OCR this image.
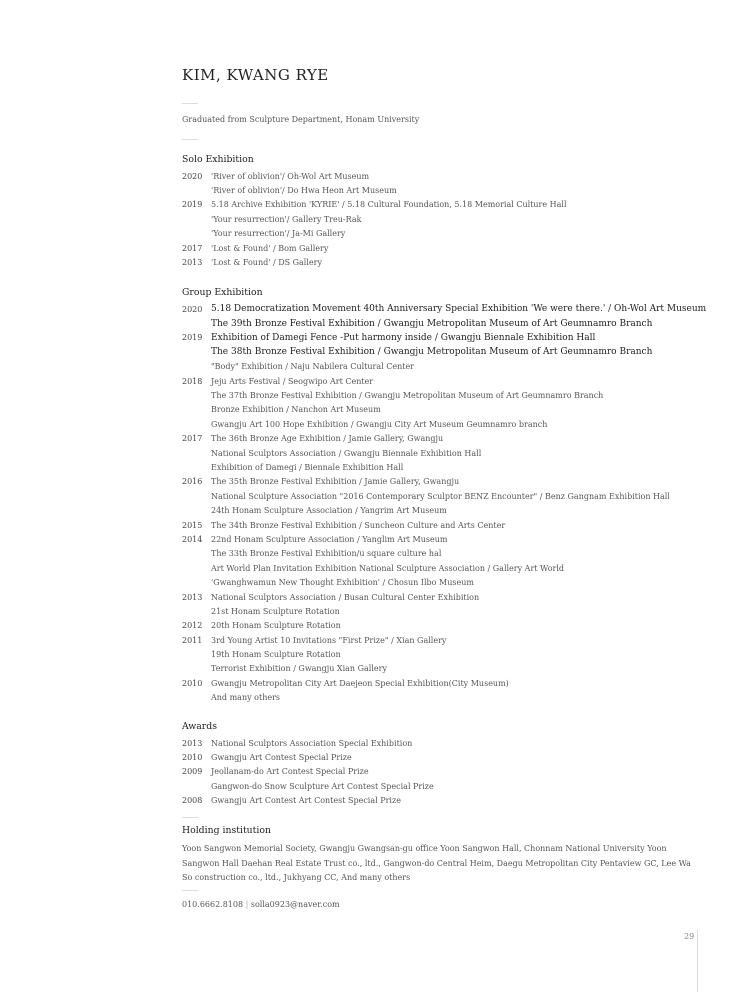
KIM, KWANG RYE
Graduated from Sculpture Department, Honam University
Solo Exhibition
2020	'River of oblivion'/ Oh-Wol Art Museum
'River of oblivion'/ Do Hwa Heon Art Museum
2019	5.18 Archive Exhibition 'KYRIE' / 5.18 Cultural Foundation, 5.18 Memorial Culture Hall
'Your resurrection'/ Gallery Treu-Rak
'Your resurrection'/ Ja-Mi Gallery
2017	'Lost & Found' / Bom Gallery
2013	'Lost & Found' / DS Gallery
Group Exhibition
2020 5.18 Democratization Movement 40th Anniversary Special Exhibition 'We were there.' / Oh-Wol Art Museum
The 39th Bronze Festival Exhibition / Gwangju Metropolitan Museum of Art Geumnamro Branch
2019 Exhibition of Damegi Fence -Put harmony inside / Gwangju Biennale Exhibition Hall
The 38th Bronze Festival Exhibition / Gwangju Metropolitan Museum of Art Geumnamro Branch
"Body" Exhibition / Naju Nabilera Cultural Center
2018	Jeju Arts Festival / Seogwipo Art Center
The 37th Bronze Festival Exhibition / Gwangju Metropolitan Museum of Art Geumnamro Branch
Bronze Exhibition / Nanchon Art Museum
Gwangju Art 100 Hope Exhibition / Gwangju City Art Museum Geumnamro branch
2017	The 36th Bronze Age Exhibition / Jamie Gallery, Gwangju
National Sculptors Association / Gwangju Biennale Exhibition Hall
Exhibition of Damegi / Biennale Exhibition Hall
2016	The 35th Bronze Festival Exhibition / Jamie Gallery, Gwangju
National Sculpture Association "2016 Contemporary Sculptor BENZ Encounter" / Benz Gangnam Exhibition Hall
24th Honam Sculpture Association / Yangrim Art Museum
2015	The 34th Bronze Festival Exhibition / Suncheon Culture and Arts Center
2014	22nd Honam Sculpture Association / Yanglim Art Museum
The 33th Bronze Festival Exhibition/u square culture hal
Art World Plan Invitation Exhibition National Sculpture Association / Gallery Art World
'Gwanghwamun New Thought Exhibition' / Chosun Ilbo Museum
2013	National Sculptors Association / Busan Cultural Center Exhibition
21st Honam Sculpture Rotation
2012	20th Honam Sculpture Rotation
2011	3rd Young Artist 10 Invitations "First Prize" / Xian Gallery
19th Honam Sculpture Rotation
Terrorist Exhibition / Gwangju Xian Gallery
2010	Gwangju Metropolitan City Art Daejeon Special Exhibition(City Museum)
And many others
Awards
2013	National Sculptors Association Special Exhibition
2010	Gwangju Art Contest Special Prize
2009	Jeollanam-do Art Contest Special Prize
Gangwon-do Snow Sculpture Art Contest Special Prize
2008	Gwangju Art Contest Art Contest Special Prize
Holding institution
Yoon Sangwon Memorial Society, Gwangju Gwangsan-gu office Yoon Sangwon Hall, Chonnam National University Yoon Sangwon Hall Daehan Real Estate Trust co., ltd., Gangwon-do Central Heim, Daegu Metropolitan City Pentaview GC, Lee Wa So construction co., ltd., Jukhyang CC, And many others
010.6662.8108 | solla0923@naver.com
29
